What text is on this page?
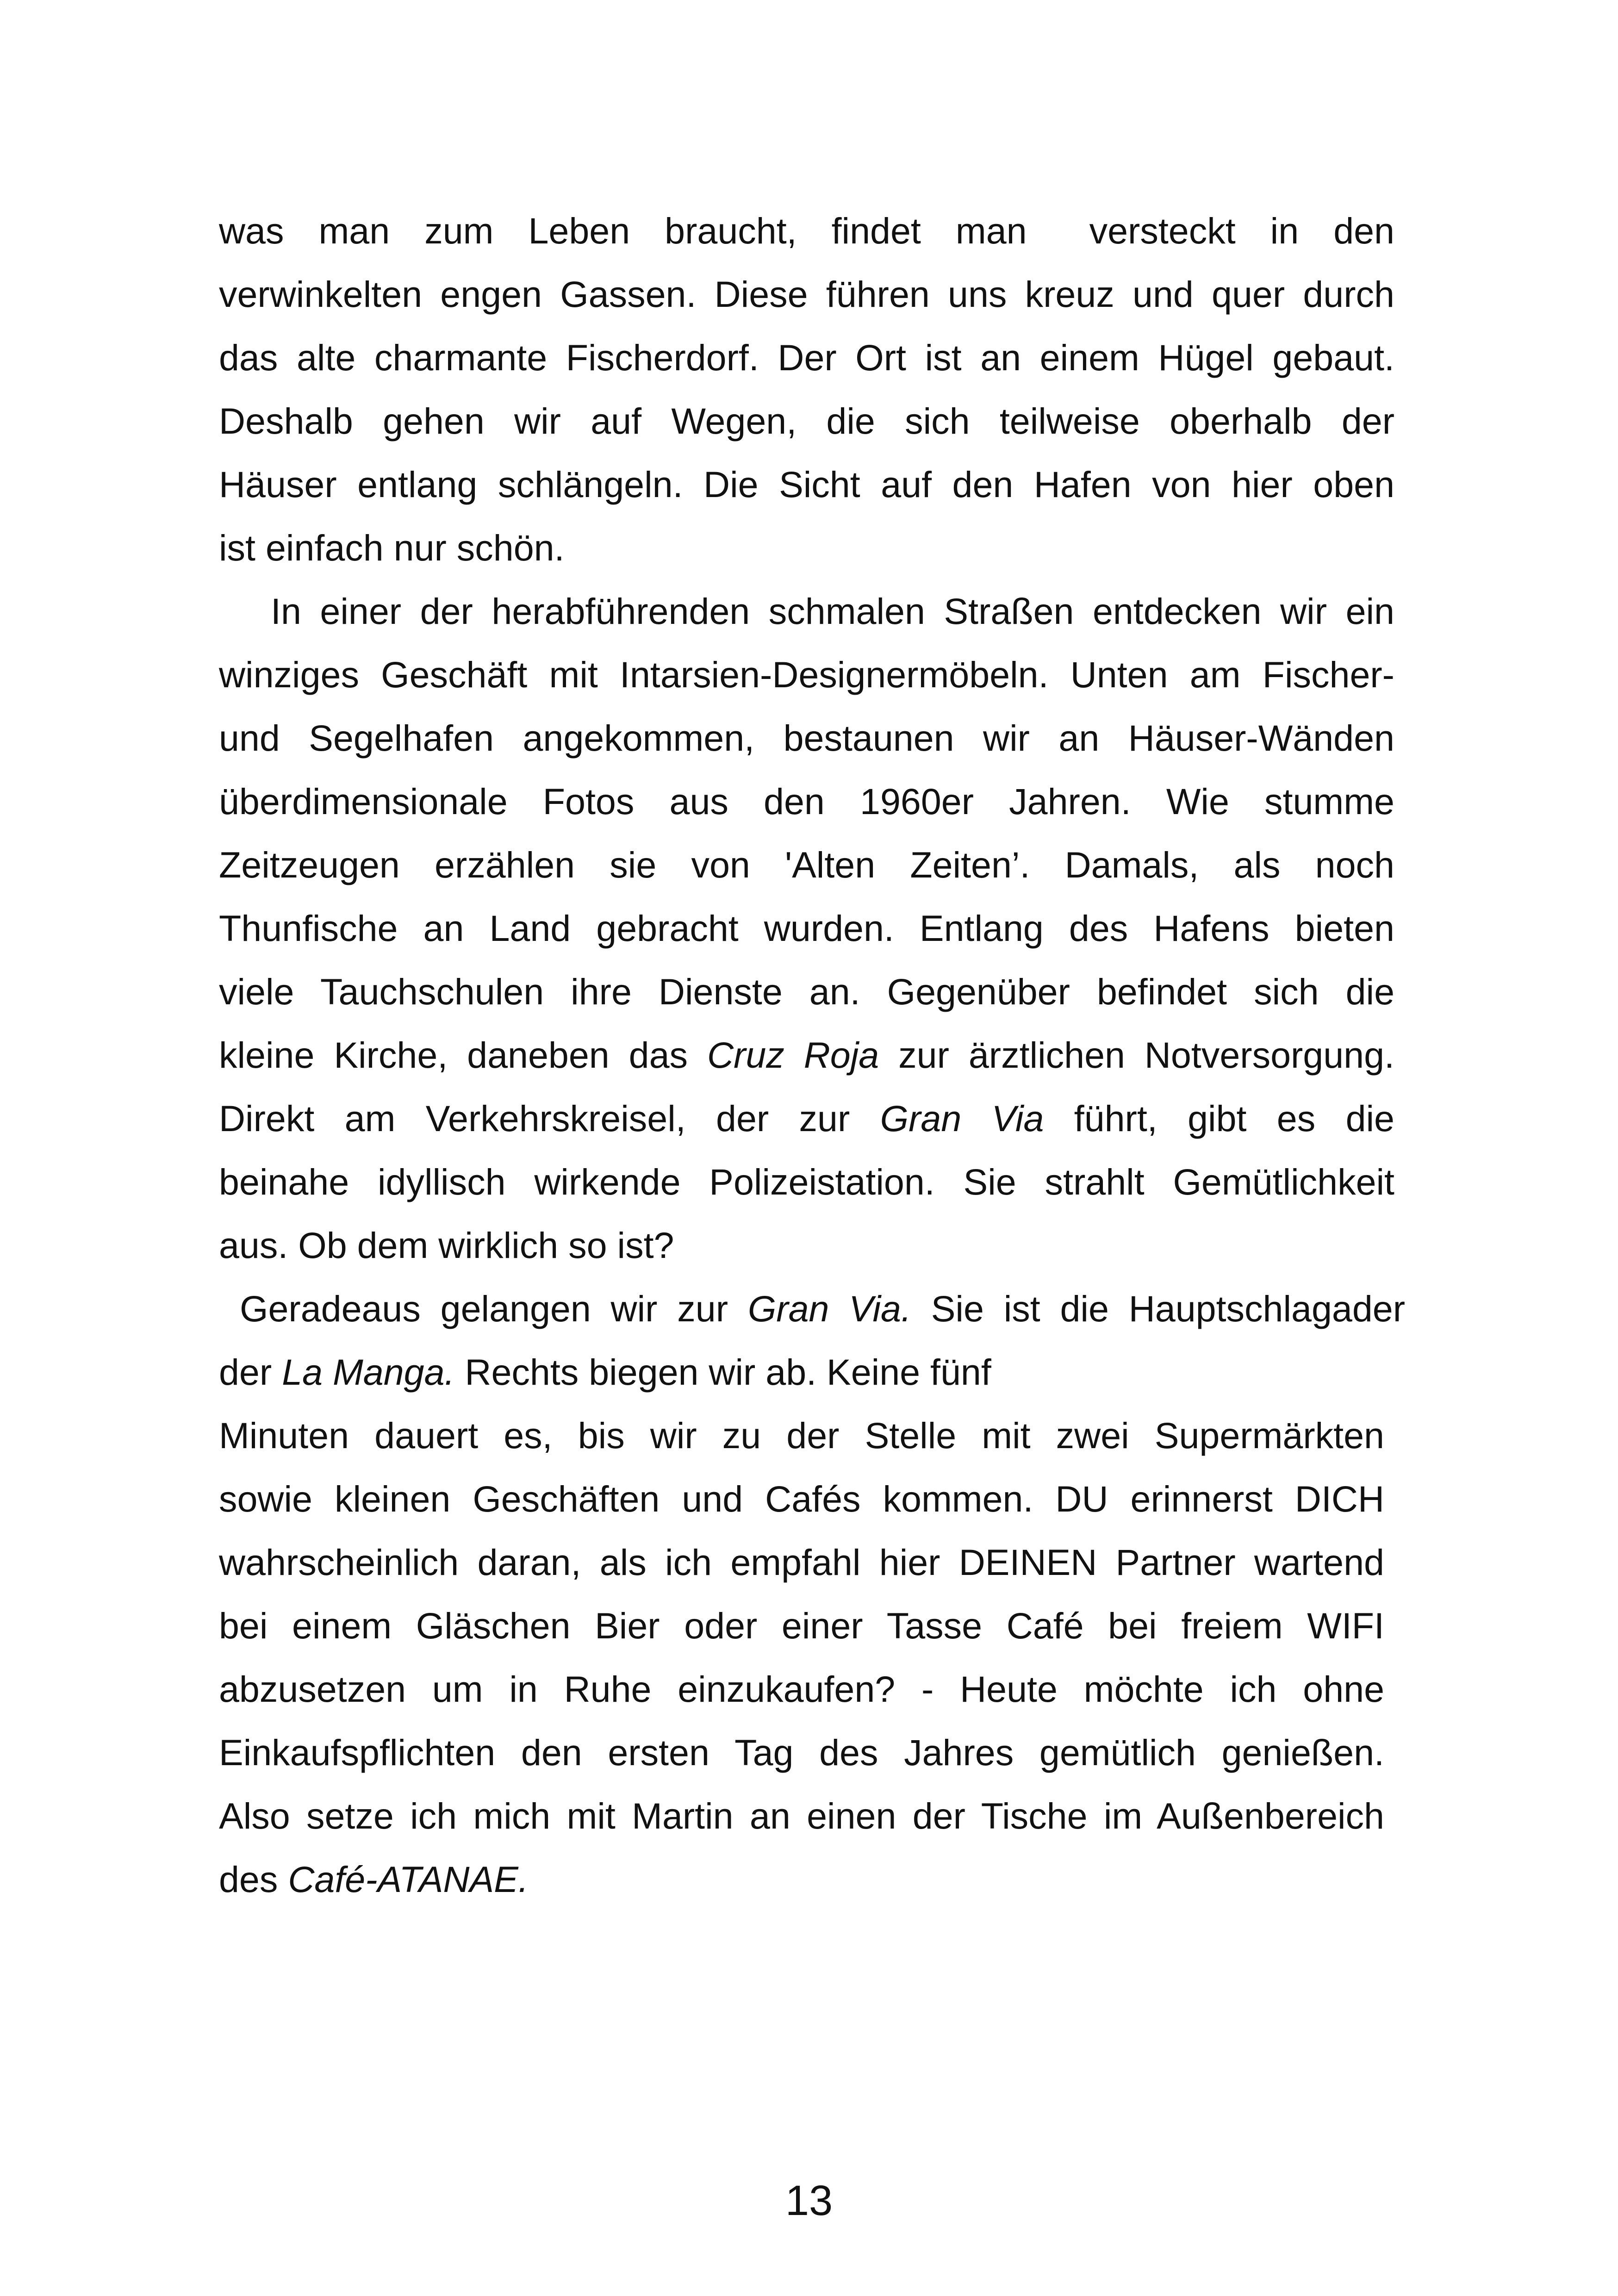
was man zum Leben braucht, findet man versteckt in den
verwinkelten engen Gassen. Diese führen uns kreuz und quer durch
das alte charmante Fischerdorf. Der Ort ist an einem Hügel gebaut.
Deshalb gehen wir auf Wegen, die sich teilweise oberhalb der
Häuser entlang schlängeln. Die Sicht auf den Hafen von hier oben
ist einfach nur schön.
In einer der herabführenden schmalen Straßen entdecken wir ein
winziges Geschäft mit Intarsien-Designermöbeln. Unten am Fischer-
und Segelhafen angekommen, bestaunen wir an Häuser-Wänden
überdimensionale Fotos aus den 1960er Jahren. Wie stumme
Zeitzeugen erzählen sie von 'Alten Zeiten’. Damals, als noch
Thunfische an Land gebracht wurden. Entlang des Hafens bieten
viele Tauchschulen ihre Dienste an. Gegenüber befindet sich die
kleine Kirche, daneben das Cruz Roja zur ärztlichen Notversorgung.
Direkt am Verkehrskreisel, der zur Gran Via führt, gibt es die
beinahe idyllisch wirkende Polizeistation. Sie strahlt Gemütlichkeit
aus. Ob dem wirklich so ist?
Geradeaus gelangen wir zur Gran Via. Sie ist die Hauptschlagader
der La Manga. Rechts biegen wir ab. Keine fünf
Minuten dauert es, bis wir zu der Stelle mit zwei Supermärkten
sowie kleinen Geschäften und Cafés kommen. DU erinnerst DICH
wahrscheinlich daran, als ich empfahl hier DEINEN Partner wartend
bei einem Gläschen Bier oder einer Tasse Café bei freiem WIFI
abzusetzen um in Ruhe einzukaufen? - Heute möchte ich ohne
Einkaufspflichten den ersten Tag des Jahres gemütlich genießen.
Also setze ich mich mit Martin an einen der Tische im Außenbereich
des Café-ATANAE.
13
